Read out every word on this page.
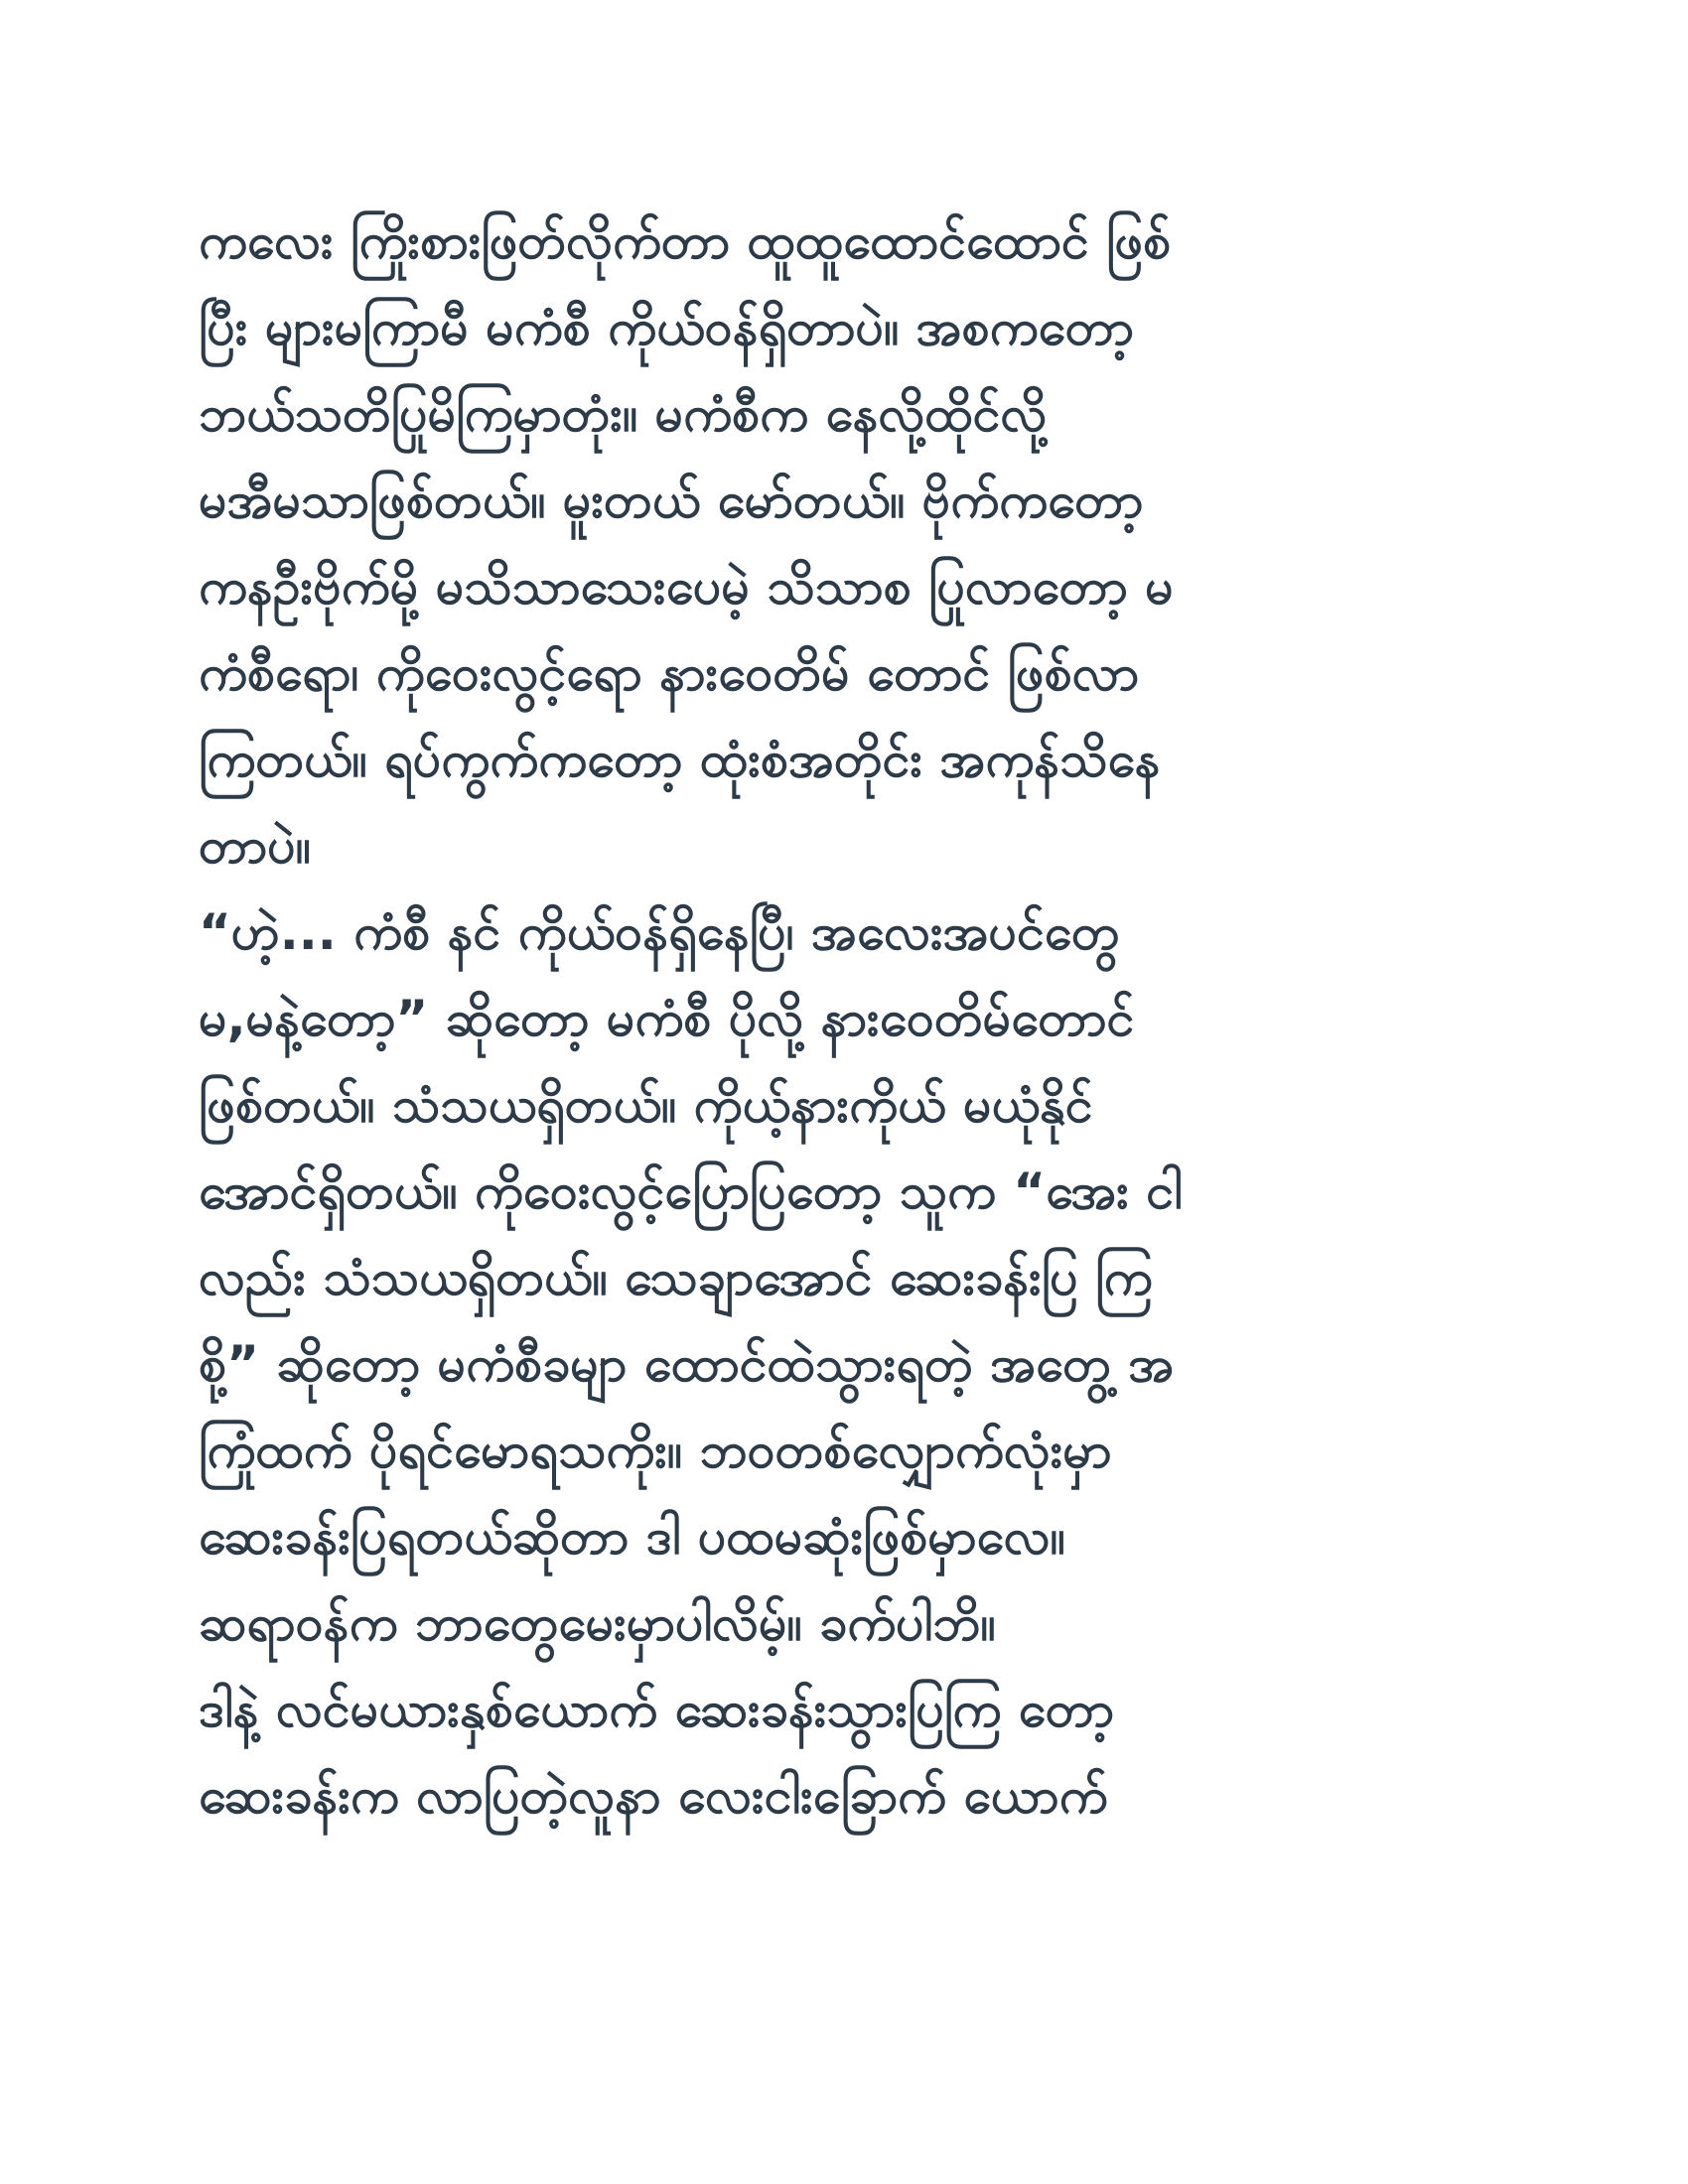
ကလေး ကြိုးစားဖြတ်လိုက်တာ ထူထူထောင်ထောင် ဖြစ်
ပြီး များမကြာမီ မကံစီ ကိုယ်ဝန်ရှိတာပဲ။ အစကတော့
ဘယ်သတိပြုမိကြမှာတုံး။ မကံစီက နေလို့ထိုင်လို့
မအီမသာဖြစ်တယ်။ မူးတယ် မော်တယ်။ ဗိုက်ကတော့
ကနဦးဗိုက်မို့ မသိသာသေးပေမဲ့ သိသာစ ပြုလာတော့ မ
ကံစီရော၊ ကိုဝေးလွင့်ရော နားဝေတိမ် တောင် ဖြစ်လာ
ကြတယ်။ ရပ်ကွက်ကတော့ ထုံးစံအတိုင်း အကုန်သိနေ
တာပဲ။
“ဟဲ့... ကံစီ နင် ကိုယ်ဝန်ရှိနေပြီ၊ အလေးအပင်တွေ
မ,မနဲ့တော့” ဆိုတော့ မကံစီ ပိုလို့ နားဝေတိမ်တောင်
ဖြစ်တယ်။ သံသယရှိတယ်။ ကိုယ့်နားကိုယ် မယုံနိုင်
အောင်ရှိတယ်။ ကိုဝေးလွင့်ပြောပြတော့ သူက “အေး ငါ
လည်း သံသယရှိတယ်။ သေချာအောင် ဆေးခန်းပြ ကြ
စို့” ဆိုတော့ မကံစီခမျာ ထောင်ထဲသွားရတဲ့ အတွေ့ အ
ကြုံထက် ပိုရင်မောရသကိုး။ ဘဝတစ်လျှောက်လုံးမှာ
ဆေးခန်းပြရတယ်ဆိုတာ ဒါ ပထမဆုံးဖြစ်မှာလေ။
ဆရာဝန်က ဘာတွေမေးမှာပါလိမ့်။ ခက်ပါဘိ။
ဒါနဲ့ လင်မယားနှစ်ယောက် ဆေးခန်းသွားပြကြ တော့
ဆေးခန်းက လာပြတဲ့လူနာ လေးငါးခြောက် ယောက်
